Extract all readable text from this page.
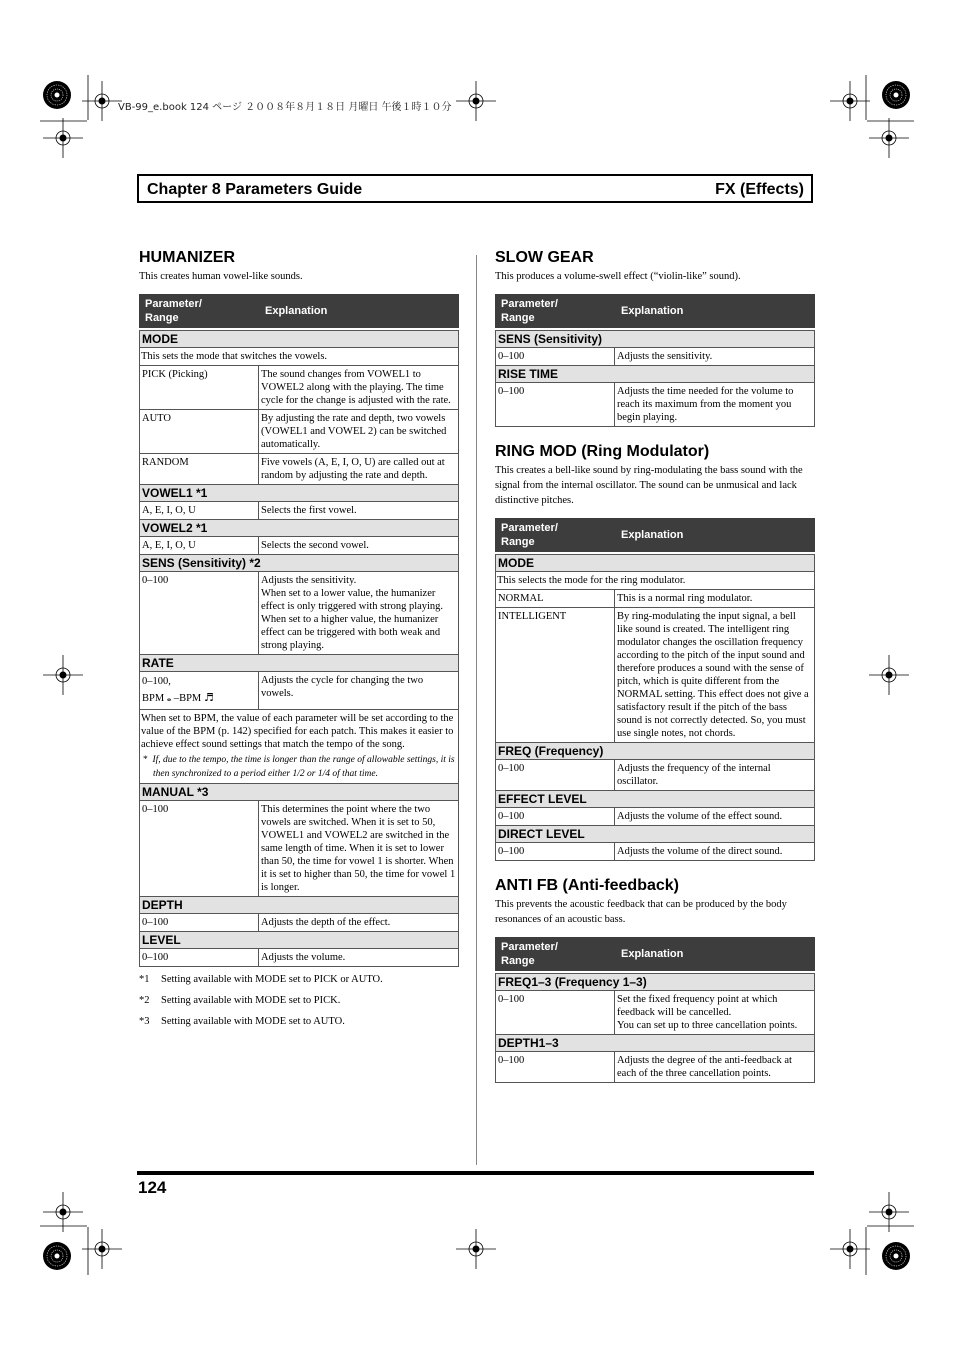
VB-99_e.book 124 ページ ２００８年８月１８日 月曜日 午後１時１０分
Chapter 8 Parameters Guide	FX (Effects)
HUMANIZER

This creates human vowel-like sounds.

Parameter/
Range	Explanation

MODE	
This sets the mode that switches the vowels.	
PICK (Picking)	The sound changes from VOWEL1 to VOWEL2 along with the playing. The time cycle for the change is adjusted with the rate.
AUTO	By adjusting the rate and depth, two vowels (VOWEL1 and VOWEL 2) can be switched automatically.
RANDOM	Five vowels (A, E, I, O, U) are called out at random by adjusting the rate and depth.
VOWEL1 *1	
A, E, I, O, U	Selects the first vowel.
VOWEL2 *1	
A, E, I, O, U	Selects the second vowel.
SENS (Sensitivity) *2	
0–100	Adjusts the sensitivity.
When set to a lower value, the humanizer effect is only triggered with strong playing. When set to a higher value, the humanizer effect can be triggered with both weak and strong playing.
RATE	
0–100,
BPM 𝅝 –BPM ♬	Adjusts the cycle for changing the two vowels.
When set to BPM, the value of each parameter will be set according to the value of the BPM (p. 142) specified for each patch. This makes it easier to achieve effect sound settings that match the tempo of the song.
* If, due to the tempo, the time is longer than the range of allowable settings, it is then synchronized to a period either 1/2 or 1/4 of that time.	

MANUAL *3	
0–100	This determines the point where the two vowels are switched. When it is set to 50, VOWEL1 and VOWEL2 are switched in the same length of time. When it is set to lower than 50, the time for vowel 1 is shorter. When it is set to higher than 50, the time for vowel 1 is longer.
DEPTH	
0–100	Adjusts the depth of the effect.
LEVEL	
0–100	Adjusts the volume.
*1 Setting available with MODE set to PICK or AUTO.
*2 Setting available with MODE set to PICK.
*3 Setting available with MODE set to AUTO.
SLOW GEAR

This produces a volume-swell effect (“violin-like” sound).

Parameter/
Range	Explanation

SENS (Sensitivity)	
0–100	Adjusts the sensitivity.
RISE TIME	
0–100	Adjusts the time needed for the volume to reach its maximum from the moment you begin playing.
RING MOD (Ring Modulator)

This creates a bell-like sound by ring-modulating the bass sound with the signal from the internal oscillator. The sound can be unmusical and lack distinctive pitches.

Parameter/
Range	Explanation

MODE	
This selects the mode for the ring modulator.	
NORMAL	This is a normal ring modulator.
INTELLIGENT	By ring-modulating the input signal, a bell like sound is created. The intelligent ring modulator changes the oscillation frequency according to the pitch of the input sound and therefore produces a sound with the sense of pitch, which is quite different from the NORMAL setting. This effect does not give a satisfactory result if the pitch of the bass sound is not correctly detected. So, you must use single notes, not chords.
FREQ (Frequency)	
0–100	Adjusts the frequency of the internal oscillator.
EFFECT LEVEL	
0–100	Adjusts the volume of the effect sound.
DIRECT LEVEL	
0–100	Adjusts the volume of the direct sound.
ANTI FB (Anti-feedback)

This prevents the acoustic feedback that can be produced by the body resonances of an acoustic bass.

Parameter/
Range	Explanation

FREQ1–3 (Frequency 1–3)	
0–100	Set the fixed frequency point at which feedback will be cancelled.
You can set up to three cancellation points.
DEPTH1–3	
0–100	Adjusts the degree of the anti-feedback at each of the three cancellation points.
124
